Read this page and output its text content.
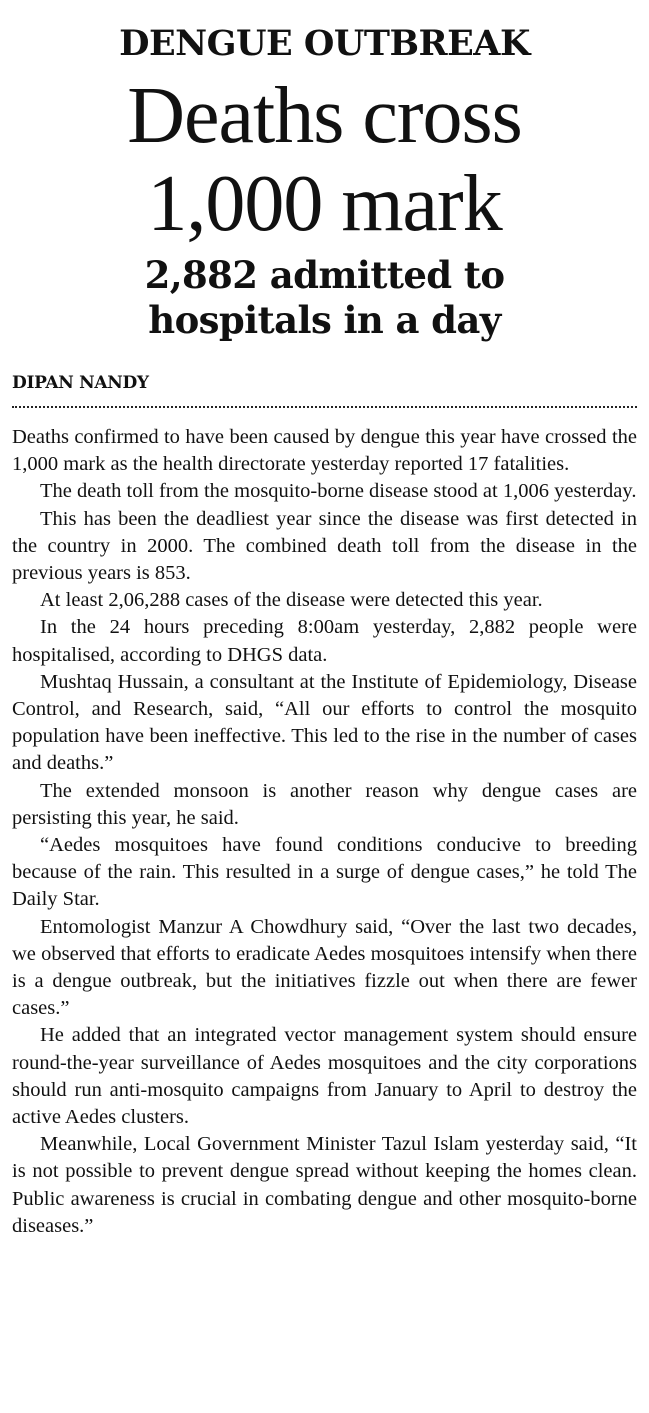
DENGUE OUTBREAK
Deaths cross
1,000 mark
2,882 admitted to
hospitals in a day
DIPAN NANDY

Deaths confirmed to have been caused by dengue this year have crossed the 1,000 mark as the health directorate yesterday reported 17 fatalities.

The death toll from the mosquito-borne disease stood at 1,006 yesterday.

This has been the deadliest year since the disease was first detected in the country in 2000. The combined death toll from the disease in the previous years is 853.

At least 2,06,288 cases of the disease were detected this year.

In the 24 hours preceding 8:00am yesterday, 2,882 people were hospitalised, according to DHGS data.

Mushtaq Hussain, a consultant at the Institute of Epidemiology, Disease Control, and Research, said, “All our efforts to control the mosquito population have been ineffective. This led to the rise in the number of cases and deaths.”

The extended monsoon is another reason why dengue cases are persisting this year, he said.

“Aedes mosquitoes have found conditions conducive to breeding because of the rain. This resulted in a surge of dengue cases,” he told The Daily Star.

Entomologist Manzur A Chowdhury said, “Over the last two decades, we observed that efforts to eradicate Aedes mosquitoes intensify when there is a dengue outbreak, but the initiatives fizzle out when there are fewer cases.”

He added that an integrated vector management system should ensure round-the-year surveillance of Aedes mosquitoes and the city corporations should run anti-mosquito campaigns from January to April to destroy the active Aedes clusters.

Meanwhile, Local Government Minister Tazul Islam yesterday said, “It is not possible to prevent dengue spread without keeping the homes clean. Public awareness is crucial in combating dengue and other mosquito-borne diseases.”
